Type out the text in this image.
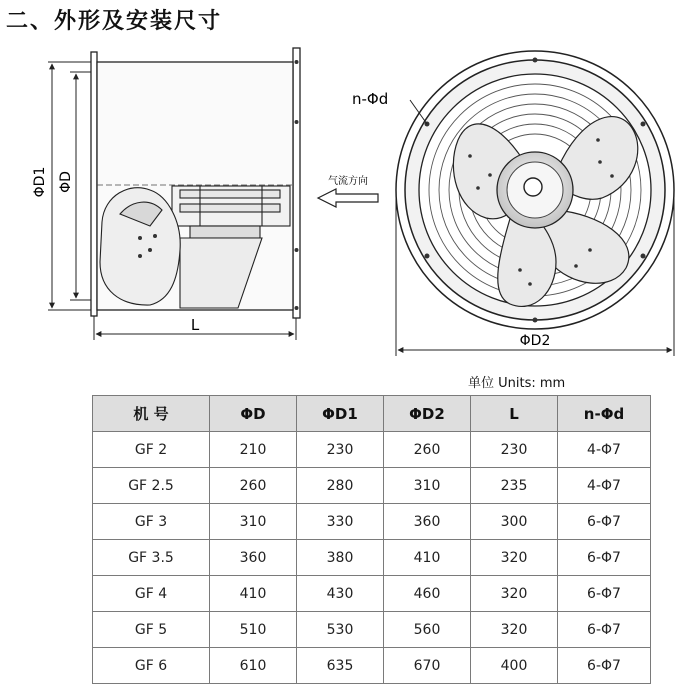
二、外形及安装尺寸
ΦD1 ΦD
L
气流方向
n-Φd
ΦD2
单位 Units: mm
机 号	ΦD	ΦD1	ΦD2	L	n-Φd
GF 2	210	230	260	230	4-Φ7
GF 2.5	260	280	310	235	4-Φ7
GF 3	310	330	360	300	6-Φ7
GF 3.5	360	380	410	320	6-Φ7
GF 4	410	430	460	320	6-Φ7
GF 5	510	530	560	320	6-Φ7
GF 6	610	635	670	400	6-Φ7
